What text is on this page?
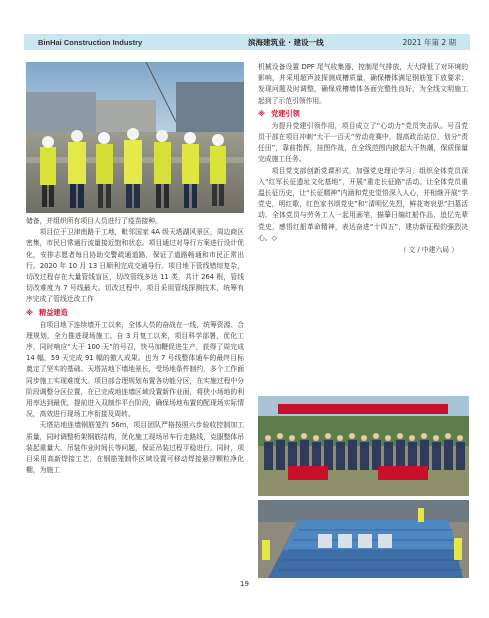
BinHai Construction Industry	滨海建筑业 · 建设一线	2021 年第 2 期

储备，并组织所有项目人员进行了疫苗接种。

项目位于卫津南路于工地，毗邻国家 4A 级天塔湖风景区，周边商区密集，市民日常通行流量接近饱和状态。项目通过对导行方案进行设计优化，安排志愿者每日协助交警疏通道路，保证了道路畅通和市民正常出行。2020 年 10 月 13 日顺利完成交通导行。项目地下管线错综复杂，切改过程存在大量管线盲区，切改管线多达 11 类，共计 264 根，管线切改难度为 7 号线最大。切改过程中，项目采用管线探测技术，统筹有序完成了管线迁改工作

※ 精益建造

自项目地下连续墙开工以来，全体人员的奋战在一线，统筹资源、合理规划，全力推进现场施工。自 3 月复工以来，项目科学部署，优化工序，同时响应“大干 100 天”的号召，快马加鞭促进生产，获得了周完成 14 幅，59 天完成 91 幅的傲人成果。也为 7 号线整体通车的最终目标奠定了坚实的基础。天塔站地下墙地景长，受场地条件制约，多个工作面同步施工实现难度大。项目部合理规划布置各功能分区，在实施过程中分阶段调整分区位置，在已完成地连墙区域设置新作业面，将狭小场地的利用率达到最优，提前进入双制作平台阶段，确保场地布置的配现场实际情况，高效进行现场工序衔接及周转。

天塔站地连墙钢筋笼约 56m，项目团队严格按照六步验收控制加工质量，同时调整桁架钢筋结构，优化施工现场吊车行走路线，克服整体吊装起重量大、吊装作业时间长等问题，保证吊装过程平稳进行。同时，项目采用高新焊接工艺，在钢筋笼制作区域设置可移动焊接悬浮颗粒净化棚，为施工

机械设备设置 DPF 尾气收集器，控制尾气排放，大大降低了对环境的影响，并采用超声波探测成槽质量，确保槽体满足钢筋笼下放要求；发现问题及时调整，确保成槽墙体各面完整性良好，为全线文明施工起到了示范引领作用。

※ 党建引领

为提升党建引领作用，项目成立了“心动力”党员突击队。号召党员干部在项目冲刺“大干一百天”劳动竞赛中，提高政治站位，划分“责任田”，靠前指挥，挂图作战，在全线范围内掀起大干热潮，保质保量完成施工任务。

项目党支部创新党课形式，加强党史理论学习，组织全体党员深入“红军长征遗址文化基地”，开展“重走长征路”活动。让全体党员重温长征历史，让“长征精神”内涵和党史觉悟深入人心，并相继开展“学党史，明红歌，红色家书颂党史”和“清明忆先烈，鲜花寄哀思”扫墓活动。全体党员与劳务工人一起用画笔，描摹日编红船作品，追忆先辈党史，感悟红船革命精神，表达奋进“十四五”，建功新征程的强烈决心。◇

（ 文 / 中建六局 ）
19
